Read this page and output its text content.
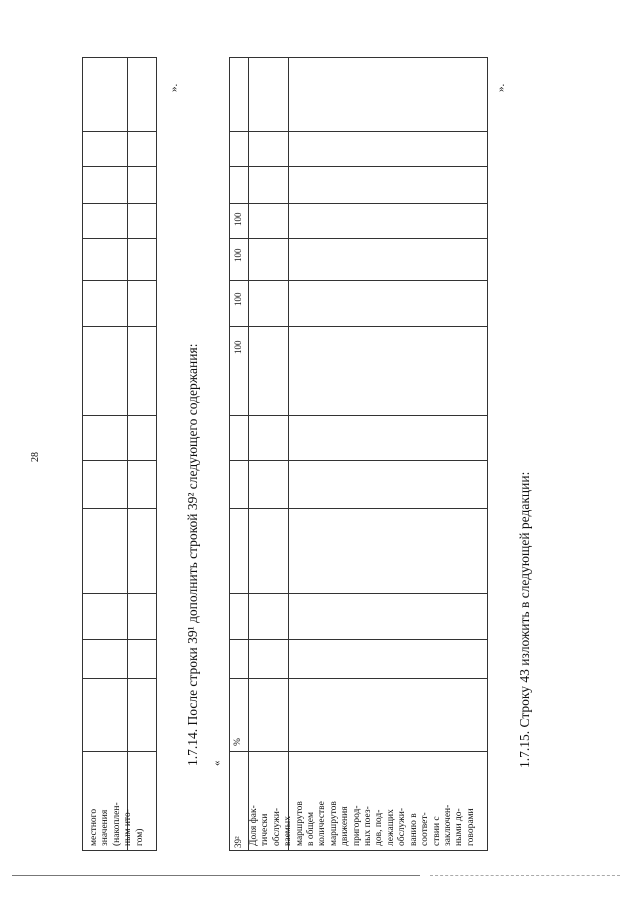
28
местного
значения
(накоплен-
ным ито-
гом)
».
1.7.14. После строки 39¹ дополнить строкой 39² следующего содержания: «
39² Доля фак-
тически
обслужи-
ваемых
маршрутов
в общем
количестве
маршрутов
движения
пригород-
ных поез-
дов, под-
лежащих
обслужи-
ванию в
соответ-
ствии с
заключен-
ными до-
говорами
%
100
100
100
100
».
1.7.15. Строку 43 изложить в следующей редакции:
